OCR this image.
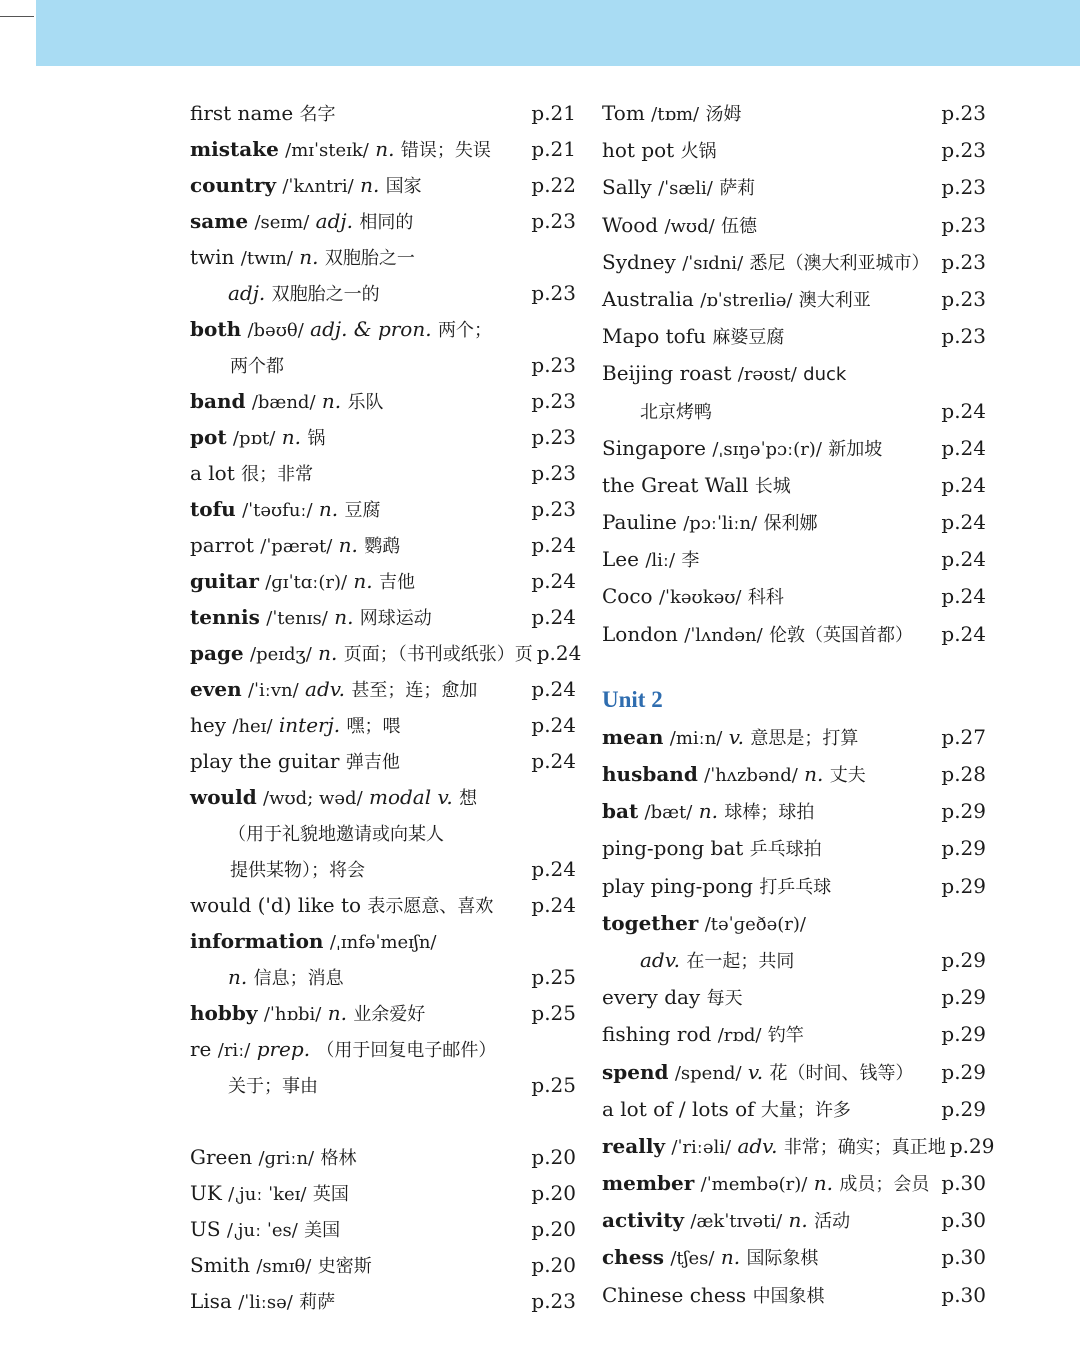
first name 名字	p.21
mistake /mɪˈsteɪk/ n. 错误；失误	p.21
country /ˈkʌntri/ n. 国家	p.22
same /seɪm/ adj. 相同的	p.23
twin /twɪn/ n. 双胞胎之一
adj. 双胞胎之一的	p.23
both /bəʊθ/ adj. & pron. 两个；
两个都	p.23
band /bænd/ n. 乐队	p.23
pot /pɒt/ n. 锅	p.23
a lot 很；非常	p.23
tofu /ˈtəʊfuː/ n. 豆腐	p.23
parrot /ˈpærət/ n. 鹦鹉	p.24
guitar /ɡɪˈtɑː(r)/ n. 吉他	p.24
tennis /ˈtenɪs/ n. 网球运动	p.24
page /peɪdʒ/ n. 页面；（书刊或纸张）页 p.24
even /ˈiːvn/ adv. 甚至；连；愈加	p.24
hey /heɪ/ interj. 嘿；喂	p.24
play the guitar 弹吉他	p.24
would /wʊd; wəd/ modal v. 想
（用于礼貌地邀请或向某人
提供某物）；将会	p.24
would ('d) like to 表示愿意、喜欢	p.24
information /ˌɪnfəˈmeɪʃn/
n. 信息；消息	p.25
hobby /ˈhɒbi/ n. 业余爱好	p.25
re /riː/ prep. （用于回复电子邮件）
关于；事由	p.25
Green /ɡriːn/ 格林	p.20
UK /ˌjuː ˈkeɪ/ 英国	p.20
US /ˌjuː ˈes/ 美国	p.20
Smith /smɪθ/ 史密斯	p.20
Lisa /ˈliːsə/ 莉萨	p.23
Tom /tɒm/ 汤姆	p.23
hot pot 火锅	p.23
Sally /ˈsæli/ 萨莉	p.23
Wood /wʊd/ 伍德	p.23
Sydney /ˈsɪdni/ 悉尼（澳大利亚城市） p.23
Australia /ɒˈstreɪliə/ 澳大利亚	p.23
Mapo tofu 麻婆豆腐	p.23
Beijing roast /rəʊst/ duck
北京烤鸭	p.24
Singapore /ˌsɪŋəˈpɔː(r)/ 新加坡	p.24
the Great Wall 长城	p.24
Pauline /pɔːˈliːn/ 保利娜	p.24
Lee /liː/ 李	p.24
Coco /ˈkəʊkəʊ/ 科科	p.24
London /ˈlʌndən/ 伦敦（英国首都）	p.24
Unit 2
mean /miːn/ v. 意思是；打算	p.27
husband /ˈhʌzbənd/ n. 丈夫	p.28
bat /bæt/ n. 球棒；球拍	p.29
ping-pong bat 乒乓球拍	p.29
play ping-pong 打乒乓球	p.29
together /təˈɡeðə(r)/
adv. 在一起；共同	p.29
every day 每天	p.29
fishing rod /rɒd/ 钓竿	p.29
spend /spend/ v. 花（时间、钱等）	p.29
a lot of / lots of 大量；许多	p.29
really /ˈriːəli/ adv. 非常；确实；真正地 p.29
member /ˈmembə(r)/ n. 成员；会员 p.30
activity /ækˈtɪvəti/ n. 活动	p.30
chess /tʃes/ n. 国际象棋	p.30
Chinese chess 中国象棋	p.30
